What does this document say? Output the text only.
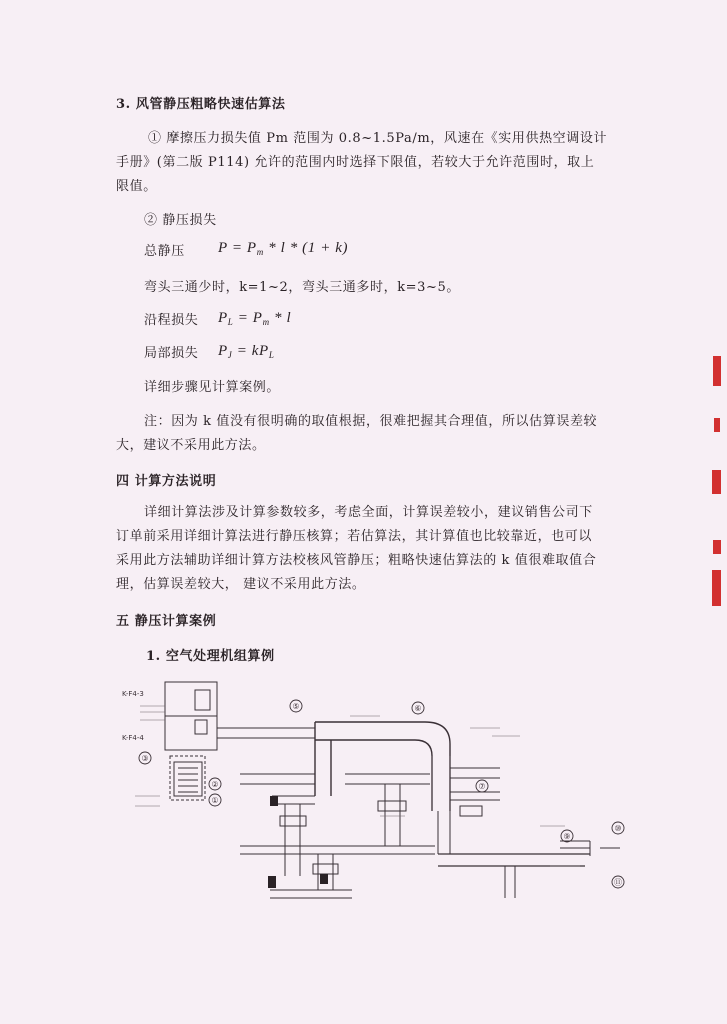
3. 风管静压粗略快速估算法
① 摩擦压力损失值 Pm 范围为 0.8~1.5Pa/m，风速在《实用供热空调设计
手册》(第二版 P114) 允许的范围内时选择下限值，若较大于允许范围时，取上
限值。
② 静压损失
总静压 $P = P_m * l * (1 + k)$
弯头三通少时，k=1~2，弯头三通多时，k=3~5。
沿程损失 $P_L = P_m * l$
局部损失 $P_J = kP_L$
详细步骤见计算案例。
注：因为 k 值没有很明确的取值根据，很难把握其合理值，所以估算误差较
大，建议不采用此方法。
四 计算方法说明
详细计算法涉及计算参数较多，考虑全面，计算误差较小，建议销售公司下
订单前采用详细计算法进行静压核算；若估算法，其计算值也比较靠近，也可以
采用此方法辅助详细计算方法校核风管静压；粗略快速估算法的 k 值很难取值合
理，估算误差较大， 建议不采用此方法。
五 静压计算案例
1. 空气处理机组算例
K-F4-3
K-F4-4
③
②
①
⑤	⑥
⑦
⑨
⑩
⑪
